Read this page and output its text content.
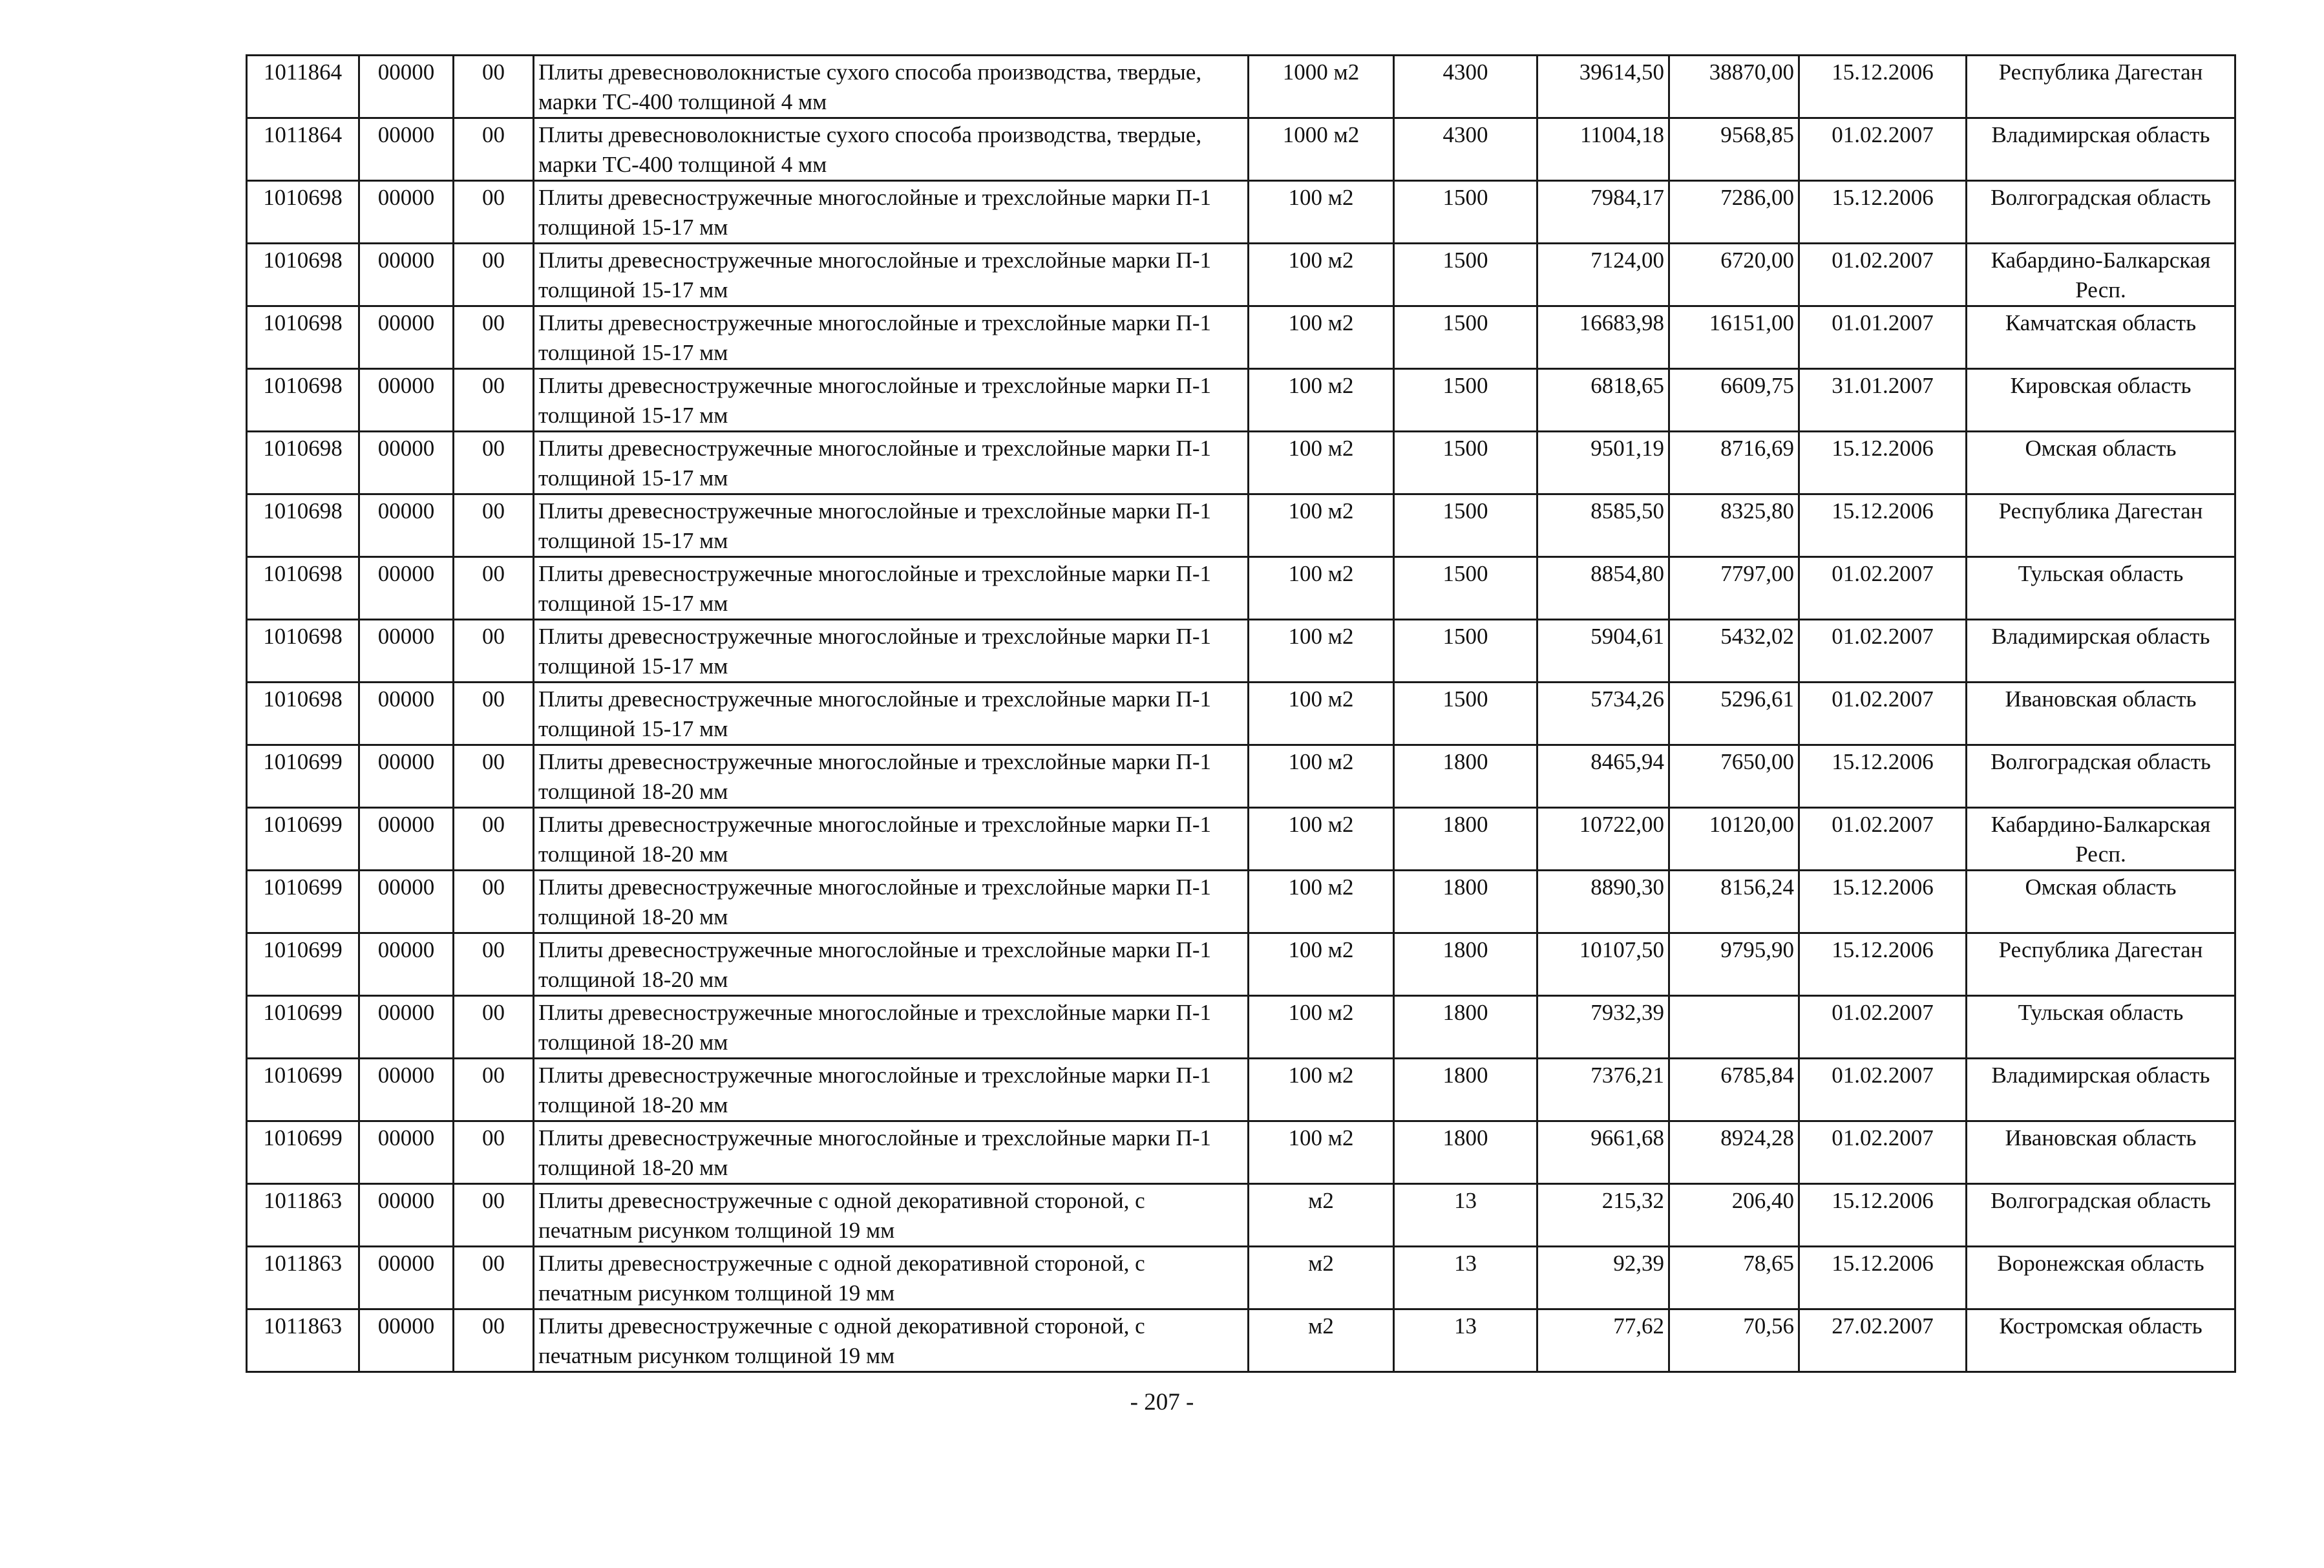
1011864	00000	00	Плиты древесноволокнистые сухого способа производства, твердые, марки ТС-400 толщиной 4 мм	1000 м2	4300	39614,50	38870,00	15.12.2006	Республика Дагестан
1011864	00000	00	Плиты древесноволокнистые сухого способа производства, твердые, марки ТС-400 толщиной 4 мм	1000 м2	4300	11004,18	9568,85	01.02.2007	Владимирская область
1010698	00000	00	Плиты древесностружечные многослойные и трехслойные марки П-1 толщиной 15-17 мм	100 м2	1500	7984,17	7286,00	15.12.2006	Волгоградская область
1010698	00000	00	Плиты древесностружечные многослойные и трехслойные марки П-1 толщиной 15-17 мм	100 м2	1500	7124,00	6720,00	01.02.2007	Кабардино-Балкарская Респ.
1010698	00000	00	Плиты древесностружечные многослойные и трехслойные марки П-1 толщиной 15-17 мм	100 м2	1500	16683,98	16151,00	01.01.2007	Камчатская область
1010698	00000	00	Плиты древесностружечные многослойные и трехслойные марки П-1 толщиной 15-17 мм	100 м2	1500	6818,65	6609,75	31.01.2007	Кировская область
1010698	00000	00	Плиты древесностружечные многослойные и трехслойные марки П-1 толщиной 15-17 мм	100 м2	1500	9501,19	8716,69	15.12.2006	Омская область
1010698	00000	00	Плиты древесностружечные многослойные и трехслойные марки П-1 толщиной 15-17 мм	100 м2	1500	8585,50	8325,80	15.12.2006	Республика Дагестан
1010698	00000	00	Плиты древесностружечные многослойные и трехслойные марки П-1 толщиной 15-17 мм	100 м2	1500	8854,80	7797,00	01.02.2007	Тульская область
1010698	00000	00	Плиты древесностружечные многослойные и трехслойные марки П-1 толщиной 15-17 мм	100 м2	1500	5904,61	5432,02	01.02.2007	Владимирская область
1010698	00000	00	Плиты древесностружечные многослойные и трехслойные марки П-1 толщиной 15-17 мм	100 м2	1500	5734,26	5296,61	01.02.2007	Ивановская область
1010699	00000	00	Плиты древесностружечные многослойные и трехслойные марки П-1 толщиной 18-20 мм	100 м2	1800	8465,94	7650,00	15.12.2006	Волгоградская область
1010699	00000	00	Плиты древесностружечные многослойные и трехслойные марки П-1 толщиной 18-20 мм	100 м2	1800	10722,00	10120,00	01.02.2007	Кабардино-Балкарская Респ.
1010699	00000	00	Плиты древесностружечные многослойные и трехслойные марки П-1 толщиной 18-20 мм	100 м2	1800	8890,30	8156,24	15.12.2006	Омская область
1010699	00000	00	Плиты древесностружечные многослойные и трехслойные марки П-1 толщиной 18-20 мм	100 м2	1800	10107,50	9795,90	15.12.2006	Республика Дагестан
1010699	00000	00	Плиты древесностружечные многослойные и трехслойные марки П-1 толщиной 18-20 мм	100 м2	1800	7932,39		01.02.2007	Тульская область
1010699	00000	00	Плиты древесностружечные многослойные и трехслойные марки П-1 толщиной 18-20 мм	100 м2	1800	7376,21	6785,84	01.02.2007	Владимирская область
1010699	00000	00	Плиты древесностружечные многослойные и трехслойные марки П-1 толщиной 18-20 мм	100 м2	1800	9661,68	8924,28	01.02.2007	Ивановская область
1011863	00000	00	Плиты древесностружечные с одной декоративной стороной, с печатным рисунком толщиной 19 мм	м2	13	215,32	206,40	15.12.2006	Волгоградская область
1011863	00000	00	Плиты древесностружечные с одной декоративной стороной, с печатным рисунком толщиной 19 мм	м2	13	92,39	78,65	15.12.2006	Воронежская область
1011863	00000	00	Плиты древесностружечные с одной декоративной стороной, с печатным рисунком толщиной 19 мм	м2	13	77,62	70,56	27.02.2007	Костромская область
- 207 -
